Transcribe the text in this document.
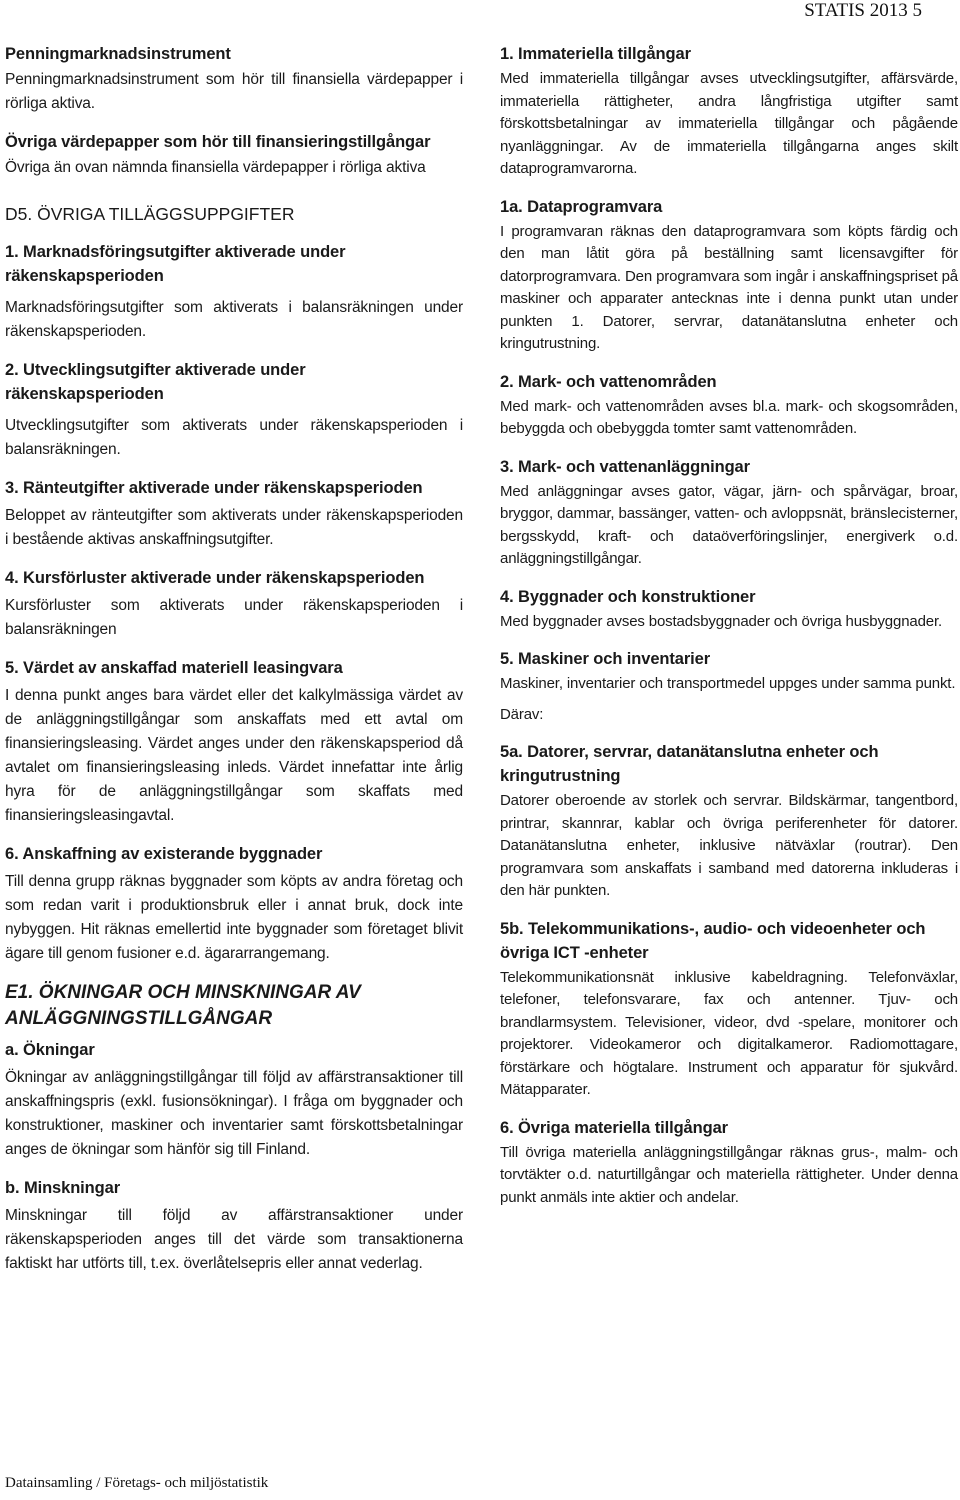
STATIS 2013 5
Penningmarknadsinstrument

Penningmarknadsinstrument som hör till finansiella värdepapper i rörliga aktiva.

Övriga värdepapper som hör till finansieringstillgångar

Övriga än ovan nämnda finansiella värdepapper i rörliga aktiva

D5. ÖVRIGA TILLÄGGSUPPGIFTER
1. Marknadsföringsutgifter aktiverade under räkenskapsperioden

Marknadsföringsutgifter som aktiverats i balansräkningen under räkenskapsperioden.

2. Utvecklingsutgifter aktiverade under räkenskapsperioden

Utvecklingsutgifter som aktiverats under räkenskapsperioden i balansräkningen.

3. Ränteutgifter aktiverade under räkenskapsperioden

Beloppet av ränteutgifter som aktiverats under räkenskapsperioden i bestående aktivas anskaffningsutgifter.

4. Kursförluster aktiverade under räkenskapsperioden

Kursförluster som aktiverats under räkenskapsperioden i balansräkningen

5. Värdet av anskaffad materiell leasingvara

I denna punkt anges bara värdet eller det kalkylmässiga värdet av de anläggningstillgångar som anskaffats med ett avtal om finansieringsleasing. Värdet anges under den räkenskapsperiod då avtalet om finansieringsleasing inleds. Värdet innefattar inte årlig hyra för de anläggningstillgångar som skaffats med finansieringsleasingavtal.

6. Anskaffning av existerande byggnader

Till denna grupp räknas byggnader som köpts av andra företag och som redan varit i produktionsbruk eller i annat bruk, dock inte nybyggen. Hit räknas emellertid inte byggnader som företaget blivit ägare till genom fusioner e.d. ägararrangemang.

E1. ÖKNINGAR OCH MINSKNINGAR AV ANLÄGGNINGSTILLGÅNGAR
a. Ökningar

Ökningar av anläggningstillgångar till följd av affärstransaktioner till anskaffningspris (exkl. fusionsökningar). I fråga om byggnader och konstruktioner, maskiner och inventarier samt förskottsbetalningar anges de ökningar som hänför sig till Finland.

b. Minskningar

Minskningar till följd av affärstransaktioner under räkenskapsperioden anges till det värde som transaktionerna faktiskt har utförts till, t.ex. överlåtelsepris eller annat vederlag.

1. Immateriella tillgångar

Med immateriella tillgångar avses utvecklingsutgifter, affärsvärde, immateriella rättigheter, andra långfristiga utgifter samt förskottsbetalningar av immateriella tillgångar och pågående nyanläggningar. Av de immateriella tillgångarna anges skilt dataprogramvarorna.

1a. Dataprogramvara

I programvaran räknas den dataprogramvara som köpts färdig och den man låtit göra på beställning samt licensavgifter för datorprogramvara. Den programvara som ingår i anskaffningspriset på maskiner och apparater antecknas inte i denna punkt utan under punkten 1. Datorer, servrar, datanätanslutna enheter och kringutrustning.

2. Mark- och vattenområden

Med mark- och vattenområden avses bl.a. mark- och skogsområden, bebyggda och obebyggda tomter samt vattenområden.

3. Mark- och vattenanläggningar

Med anläggningar avses gator, vägar, järn- och spårvägar, broar, bryggor, dammar, bassänger, vatten- och avloppsnät, bränslecisterner, bergsskydd, kraft- och dataöverföringslinjer, energiverk o.d. anläggningstillgångar.

4. Byggnader och konstruktioner

Med byggnader avses bostadsbyggnader och övriga husbyggnader.

5. Maskiner och inventarier

Maskiner, inventarier och transportmedel uppges under samma punkt.

Därav:

5a. Datorer, servrar, datanätanslutna enheter och kringutrustning

Datorer oberoende av storlek och servrar. Bildskärmar, tangentbord, printrar, skannrar, kablar och övriga periferenheter för datorer. Datanätanslutna enheter, inklusive nätväxlar (routrar). Den programvara som anskaffats i samband med datorerna inkluderas i den här punkten.

5b. Telekommunikations-, audio- och videoenheter och övriga ICT -enheter

Telekommunikationsnät inklusive kabeldragning. Telefonväxlar, telefoner, telefonsvarare, fax och antenner. Tjuv- och brandlarmsystem. Televisioner, videor, dvd -spelare, monitorer och projektorer. Videokameror och digitalkameror. Radiomottagare, förstärkare och högtalare. Instrument och apparatur för sjukvård. Mätapparater.

6. Övriga materiella tillgångar

Till övriga materiella anläggningstillgångar räknas grus-, malm- och torvtäkter o.d. naturtillgångar och materiella rättigheter. Under denna punkt anmäls inte aktier och andelar.

Datainsamling / Företags- och miljöstatistik
